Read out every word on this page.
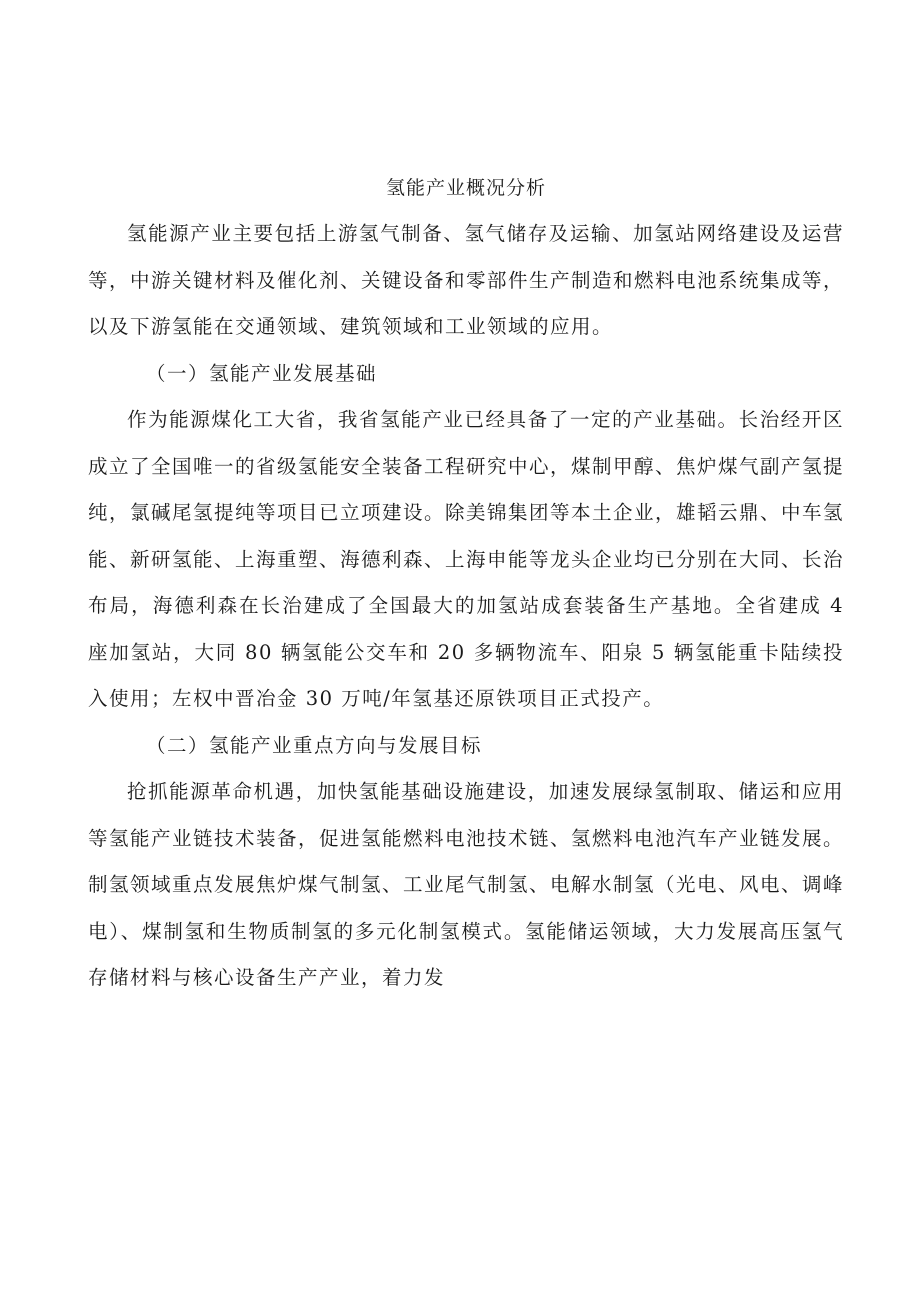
氢能产业概况分析

氢能源产业主要包括上游氢气制备、氢气储存及运输、加氢站网络建设及运营等，中游关键材料及催化剂、关键设备和零部件生产制造和燃料电池系统集成等，以及下游氢能在交通领域、建筑领域和工业领域的应用。

（一）氢能产业发展基础

作为能源煤化工大省，我省氢能产业已经具备了一定的产业基础。长治经开区成立了全国唯一的省级氢能安全装备工程研究中心，煤制甲醇、焦炉煤气副产氢提纯，氯碱尾氢提纯等项目已立项建设。除美锦集团等本土企业，雄韬云鼎、中车氢能、新研氢能、上海重塑、海德利森、上海申能等龙头企业均已分别在大同、长治布局，海德利森在长治建成了全国最大的加氢站成套装备生产基地。全省建成 4 座加氢站，大同 80 辆氢能公交车和 20 多辆物流车、阳泉 5 辆氢能重卡陆续投入使用；左权中晋冶金 30 万吨/年氢基还原铁项目正式投产。

（二）氢能产业重点方向与发展目标

抢抓能源革命机遇，加快氢能基础设施建设，加速发展绿氢制取、储运和应用等氢能产业链技术装备，促进氢能燃料电池技术链、氢燃料电池汽车产业链发展。制氢领域重点发展焦炉煤气制氢、工业尾气制氢、电解水制氢（光电、风电、调峰电）、煤制氢和生物质制氢的多元化制氢模式。氢能储运领域，大力发展高压氢气存储材料与核心设备生产产业，着力发
